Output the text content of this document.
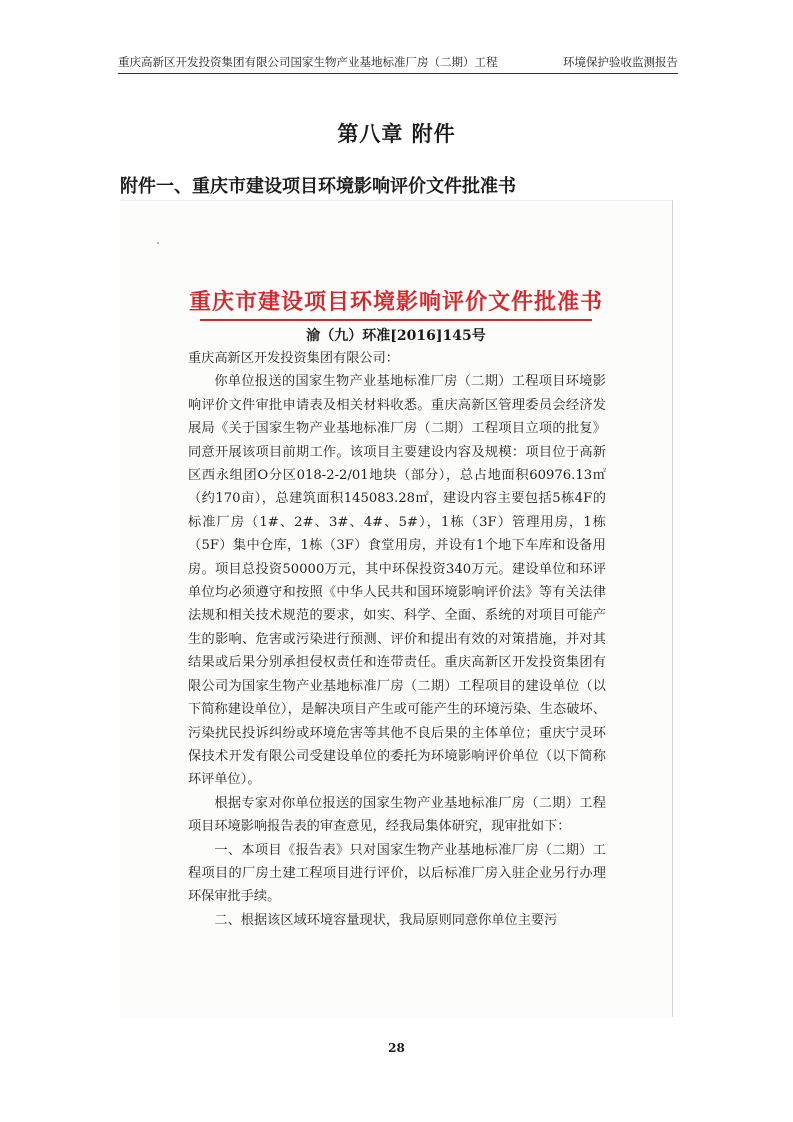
重庆高新区开发投资集团有限公司国家生物产业基地标准厂房（二期）工程	环境保护验收监测报告
第八章 附件
附件一、重庆市建设项目环境影响评价文件批准书
重庆市建设项目环境影响评价文件批准书
渝（九）环准[2016]145号

重庆高新区开发投资集团有限公司：

你单位报送的国家生物产业基地标准厂房（二期）工程项目环境影响评价文件审批申请表及相关材料收悉。重庆高新区管理委员会经济发展局《关于国家生物产业基地标准厂房（二期）工程项目立项的批复》同意开展该项目前期工作。该项目主要建设内容及规模：项目位于高新区西永组团O分区018-2-2/01地块（部分），总占地面积60976.13㎡（约170亩），总建筑面积145083.28㎡，建设内容主要包括5栋4F的标准厂房（1#、2#、3#、4#、5#），1栋（3F）管理用房，1栋（5F）集中仓库，1栋（3F）食堂用房，并设有1个地下车库和设备用房。项目总投资50000万元，其中环保投资340万元。建设单位和环评单位均必须遵守和按照《中华人民共和国环境影响评价法》等有关法律法规和相关技术规范的要求，如实、科学、全面、系统的对项目可能产生的影响、危害或污染进行预测、评价和提出有效的对策措施，并对其结果或后果分别承担侵权责任和连带责任。重庆高新区开发投资集团有限公司为国家生物产业基地标准厂房（二期）工程项目的建设单位（以下简称建设单位），是解决项目产生或可能产生的环境污染、生态破坏、污染扰民投诉纠纷或环境危害等其他不良后果的主体单位；重庆宁灵环保技术开发有限公司受建设单位的委托为环境影响评价单位（以下简称环评单位）。

根据专家对你单位报送的国家生物产业基地标准厂房（二期）工程项目环境影响报告表的审查意见，经我局集体研究，现审批如下：

一、本项目《报告表》只对国家生物产业基地标准厂房（二期）工程项目的厂房土建工程项目进行评价，以后标准厂房入驻企业另行办理环保审批手续。

二、根据该区域环境容量现状，我局原则同意你单位主要污

28
